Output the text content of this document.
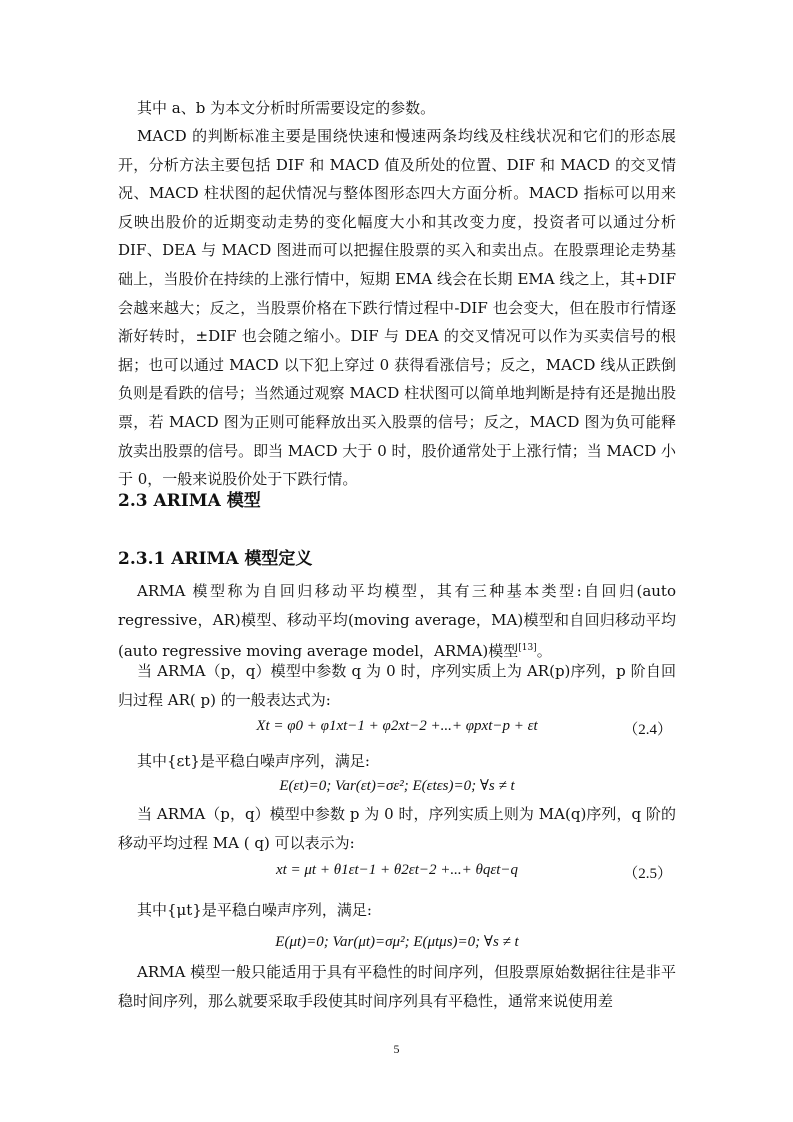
其中 a、b 为本文分析时所需要设定的参数。
MACD 的判断标准主要是围绕快速和慢速两条均线及柱线状况和它们的形态展开，分析方法主要包括 DIF 和 MACD 值及所处的位置、DIF 和 MACD 的交叉情况、MACD 柱状图的起伏情况与整体图形态四大方面分析。MACD 指标可以用来反映出股价的近期变动走势的变化幅度大小和其改变力度，投资者可以通过分析 DIF、DEA 与 MACD 图进而可以把握住股票的买入和卖出点。在股票理论走势基础上，当股价在持续的上涨行情中，短期 EMA 线会在长期 EMA 线之上，其+DIF 会越来越大；反之，当股票价格在下跌行情过程中-DIF 也会变大，但在股市行情逐渐好转时，±DIF 也会随之缩小。DIF 与 DEA 的交叉情况可以作为买卖信号的根据；也可以通过 MACD 以下犯上穿过 0 获得看涨信号；反之，MACD 线从正跌倒负则是看跌的信号；当然通过观察 MACD 柱状图可以简单地判断是持有还是抛出股票，若 MACD 图为正则可能释放出买入股票的信号；反之，MACD 图为负可能释放卖出股票的信号。即当 MACD 大于 0 时，股价通常处于上涨行情；当 MACD 小于 0，一般来说股价处于下跌行情。
2.3 ARIMA 模型
2.3.1 ARIMA 模型定义
ARMA 模型称为自回归移动平均模型，其有三种基本类型:自回归(auto regressive，AR)模型、移动平均(moving average，MA)模型和自回归移动平均(auto regressive moving average model，ARMA)模型[13]。
当 ARMA（p，q）模型中参数 q 为 0 时，序列实质上为 AR(p)序列，p 阶自回归过程 AR( p) 的一般表达式为:
Xt = φ0 + φ1xt−1 + φ2xt−2 +...+ φpxt−p + εt	（2.4）
其中{εt}是平稳白噪声序列，满足:
E(εt)=0; Var(εt)=σε²; E(εtεs)=0; ∀s ≠ t
当 ARMA（p，q）模型中参数 p 为 0 时，序列实质上则为 MA(q)序列，q 阶的移动平均过程 MA ( q) 可以表示为:
xt = μt + θ1εt−1 + θ2εt−2 +...+ θqεt−q	（2.5）
其中{μt}是平稳白噪声序列，满足:
E(μt)=0; Var(μt)=σμ²; E(μtμs)=0; ∀s ≠ t
ARMA 模型一般只能适用于具有平稳性的时间序列，但股票原始数据往往是非平稳时间序列，那么就要采取手段使其时间序列具有平稳性，通常来说使用差
5
